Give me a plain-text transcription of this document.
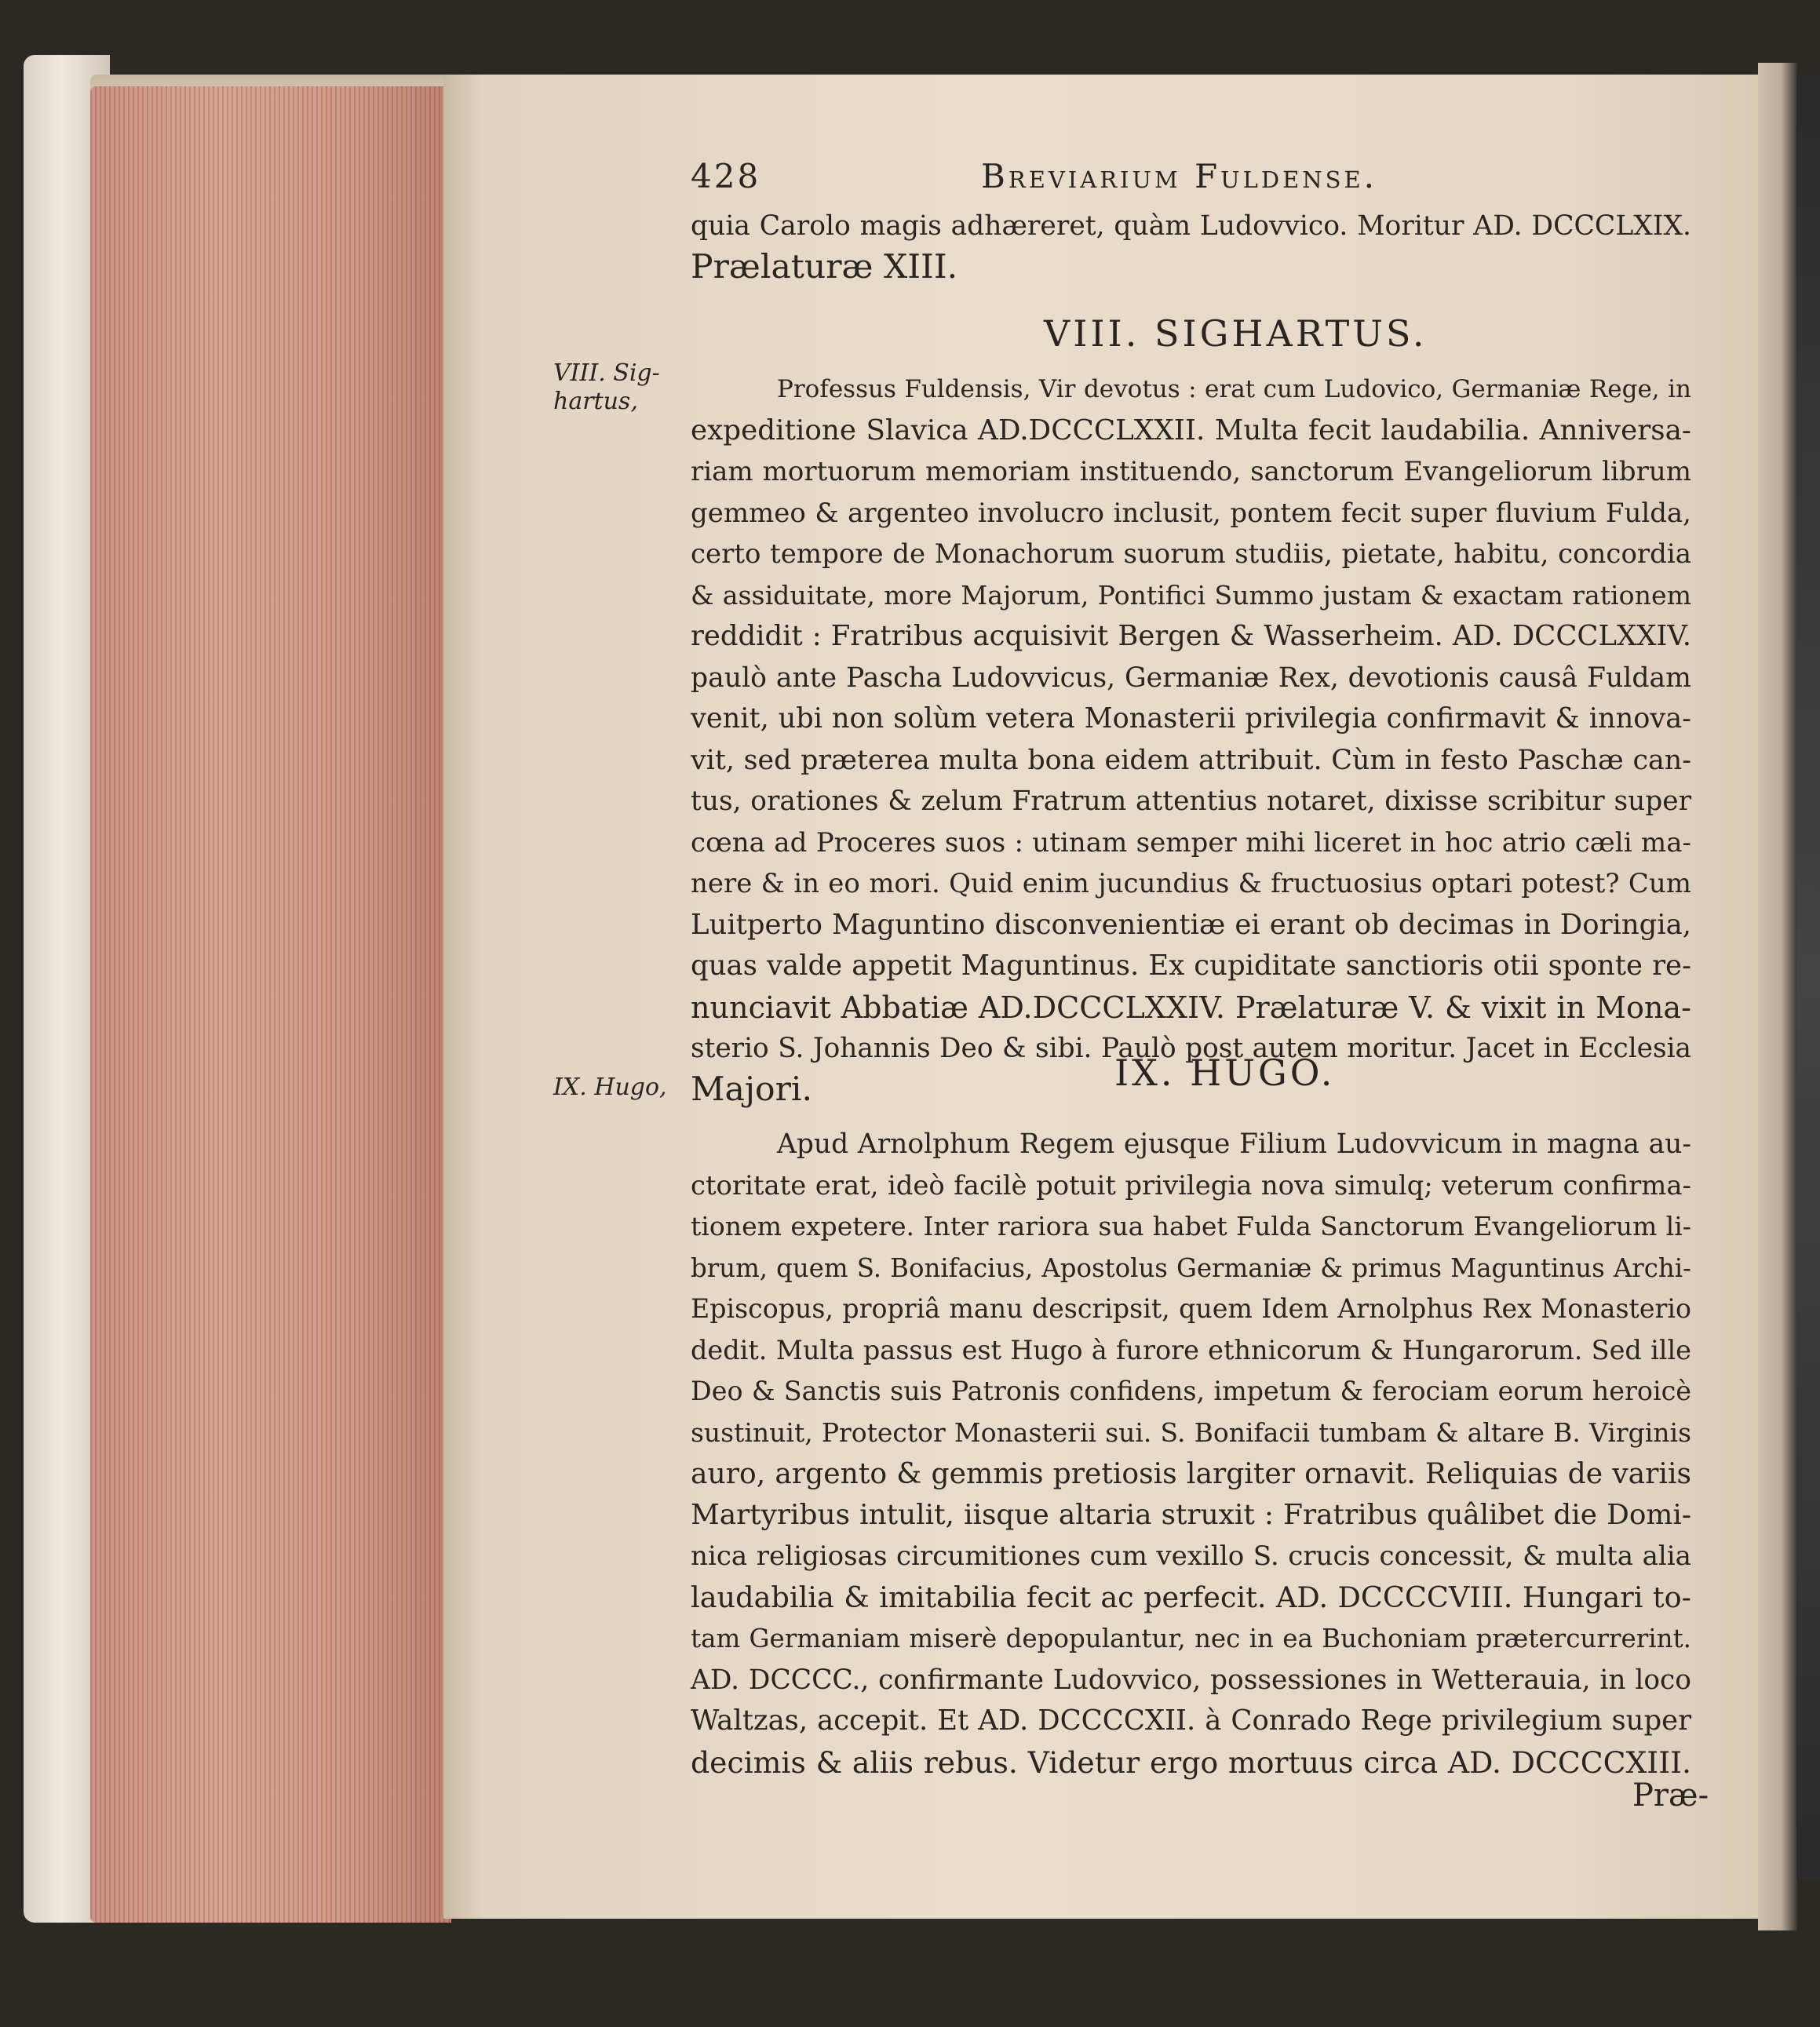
428	Breviarium Fuldense.
quia Carolo magis adhæreret, quàm Ludovvico. Moritur AD. DCCCLXIX.
Prælaturæ XIII.
VIII. SIGHARTUS.
VIII. Sig-
hartus,	Professus Fuldensis, Vir devotus : erat cum Ludovico, Germaniæ Rege, in
expeditione Slavica AD.DCCCLXXII. Multa fecit laudabilia. Anniversa-
riam mortuorum memoriam instituendo, sanctorum Evangeliorum librum
gemmeo & argenteo involucro inclusit, pontem fecit super fluvium Fulda,
certo tempore de Monachorum suorum studiis, pietate, habitu, concordia
& assiduitate, more Majorum, Pontifici Summo justam & exactam rationem
reddidit : Fratribus acquisivit Bergen & Wasserheim. AD. DCCCLXXIV.
paulò ante Pascha Ludovvicus, Germaniæ Rex, devotionis causâ Fuldam
venit, ubi non solùm vetera Monasterii privilegia confirmavit & innova-
vit, sed præterea multa bona eidem attribuit. Cùm in festo Paschæ can-
tus, orationes & zelum Fratrum attentius notaret, dixisse scribitur super
cœna ad Proceres suos : utinam semper mihi liceret in hoc atrio cæli ma-
nere & in eo mori. Quid enim jucundius & fructuosius optari potest? Cum
Luitperto Maguntino disconvenientiæ ei erant ob decimas in Doringia,
quas valde appetit Maguntinus. Ex cupiditate sanctioris otii sponte re-
nunciavit Abbatiæ AD.DCCCLXXIV. Prælaturæ V. & vixit in Mona-
sterio S. Johannis Deo & sibi. Paulò post autem moritur. Jacet in Ecclesia
Majori.	IX. HUGO.
IX. Hugo,
Apud Arnolphum Regem ejusque Filium Ludovvicum in magna au-
ctoritate erat, ideò facilè potuit privilegia nova simulq; veterum confirma-
tionem expetere. Inter rariora sua habet Fulda Sanctorum Evangeliorum li-
brum, quem S. Bonifacius, Apostolus Germaniæ & primus Maguntinus Archi-
Episcopus, propriâ manu descripsit, quem Idem Arnolphus Rex Monasterio
dedit. Multa passus est Hugo à furore ethnicorum & Hungarorum. Sed ille
Deo & Sanctis suis Patronis confidens, impetum & ferociam eorum heroicè
sustinuit, Protector Monasterii sui. S. Bonifacii tumbam & altare B. Virginis
auro, argento & gemmis pretiosis largiter ornavit. Reliquias de variis
Martyribus intulit, iisque altaria struxit : Fratribus quâlibet die Domi-
nica religiosas circumitiones cum vexillo S. crucis concessit, & multa alia
laudabilia & imitabilia fecit ac perfecit. AD. DCCCCVIII. Hungari to-
tam Germaniam miserè depopulantur, nec in ea Buchoniam prætercurrerint.
AD. DCCCC., confirmante Ludovvico, possessiones in Wetterauia, in loco
Waltzas, accepit. Et AD. DCCCCXII. à Conrado Rege privilegium super
decimis & aliis rebus. Videtur ergo mortuus circa AD. DCCCCXIII.
Præ-
